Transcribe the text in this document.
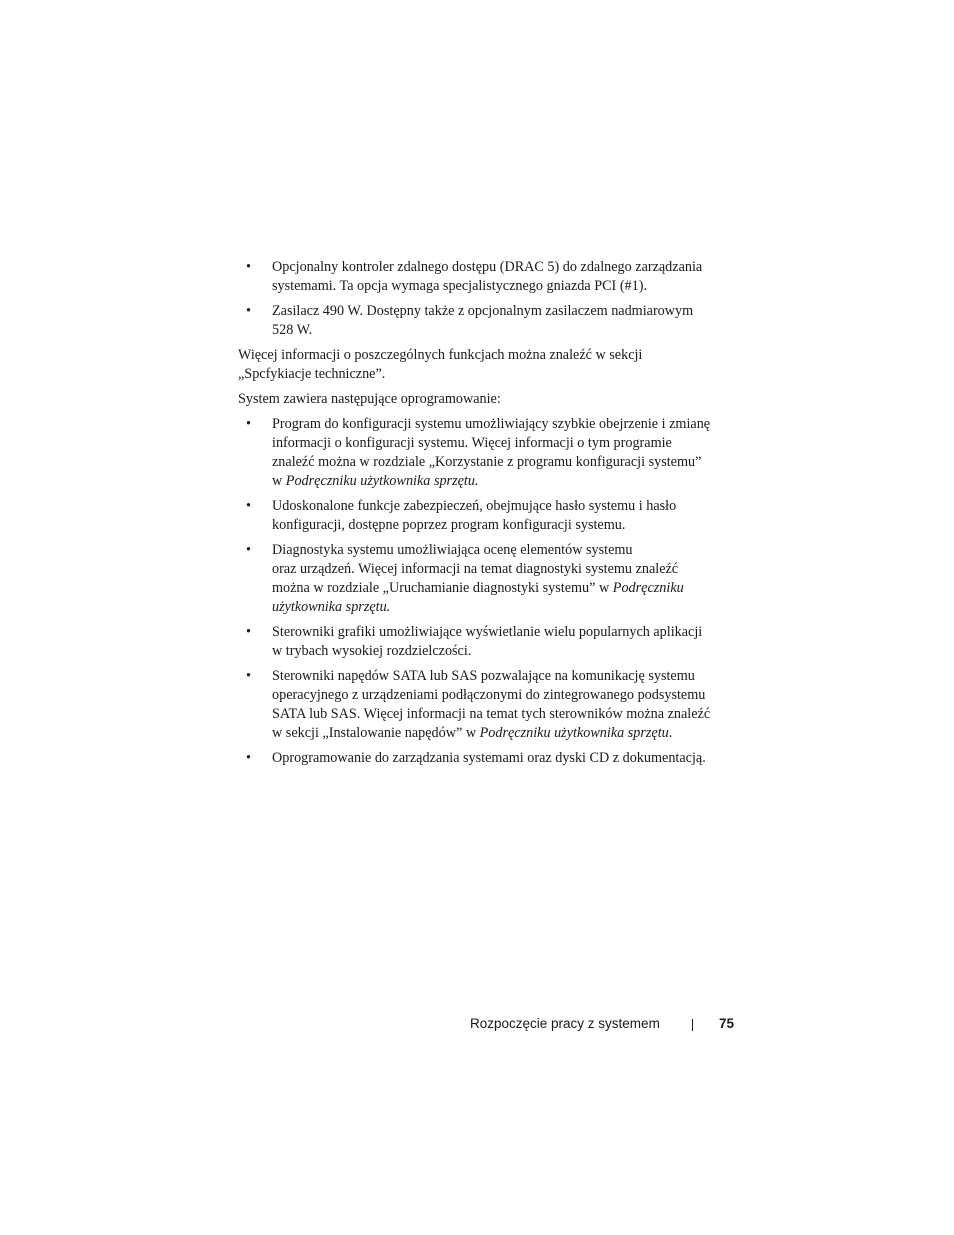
• Opcjonalny kontroler zdalnego dostępu (DRAC 5) do zdalnego zarządzania
systemami. Ta opcja wymaga specjalistycznego gniazda PCI (#1).
• Zasilacz 490 W. Dostępny także z opcjonalnym zasilaczem nadmiarowym
528 W.

Więcej informacji o poszczególnych funkcjach można znaleźć w sekcji
„Spcfykiacje techniczne”.

System zawiera następujące oprogramowanie:

• Program do konfiguracji systemu umożliwiający szybkie obejrzenie i zmianę
informacji o konfiguracji systemu. Więcej informacji o tym programie
znaleźć można w rozdziale „Korzystanie z programu konfiguracji systemu”
w Podręczniku użytkownika sprzętu.
• Udoskonalone funkcje zabezpieczeń, obejmujące hasło systemu i hasło
konfiguracji, dostępne poprzez program konfiguracji systemu.
• Diagnostyka systemu umożliwiająca ocenę elementów systemu
oraz urządzeń. Więcej informacji na temat diagnostyki systemu znaleźć
można w rozdziale „Uruchamianie diagnostyki systemu” w Podręczniku
użytkownika sprzętu.
• Sterowniki grafiki umożliwiające wyświetlanie wielu popularnych aplikacji
w trybach wysokiej rozdzielczości.
• Sterowniki napędów SATA lub SAS pozwalające na komunikację systemu
operacyjnego z urządzeniami podłączonymi do zintegrowanego podsystemu
SATA lub SAS. Więcej informacji na temat tych sterowników można znaleźć
w sekcji „Instalowanie napędów” w Podręczniku użytkownika sprzętu.
• Oprogramowanie do zarządzania systemami oraz dyski CD z dokumentacją.
Rozpoczęcie pracy z systemem	75
